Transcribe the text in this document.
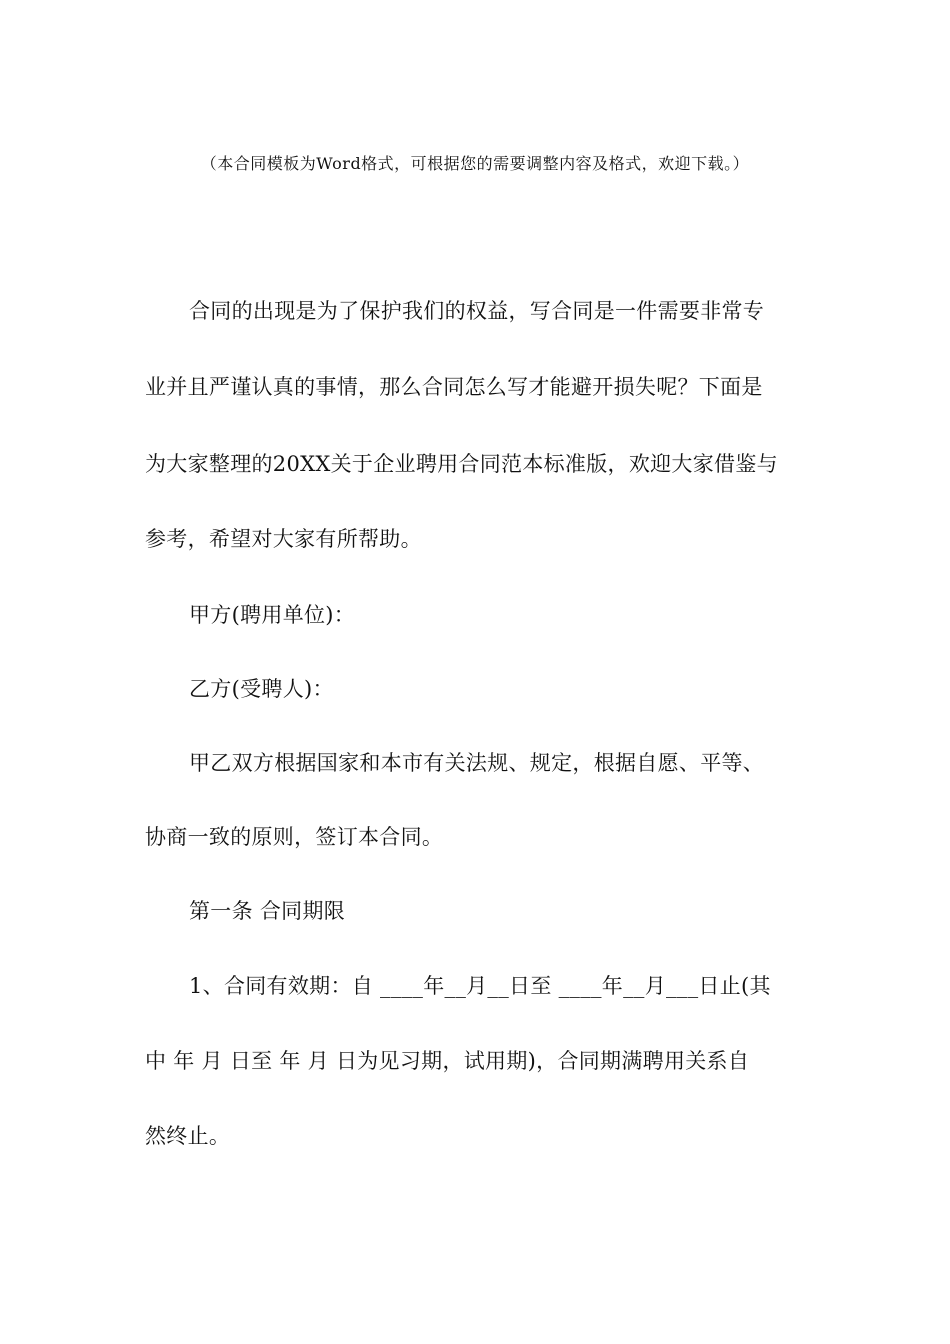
（本合同模板为Word格式，可根据您的需要调整内容及格式，欢迎下载。）
合同的出现是为了保护我们的权益，写合同是一件需要非常专
业并且严谨认真的事情，那么合同怎么写才能避开损失呢？下面是
为大家整理的20XX关于企业聘用合同范本标准版，欢迎大家借鉴与
参考，希望对大家有所帮助。
甲方(聘用单位)：
乙方(受聘人)：
甲乙双方根据国家和本市有关法规、规定，根据自愿、平等、
协商一致的原则，签订本合同。
第一条 合同期限
1、合同有效期：自 ____年__月__日至 ____年__月___日止(其
中 年 月 日至 年 月 日为见习期，试用期)，合同期满聘用关系自
然终止。
